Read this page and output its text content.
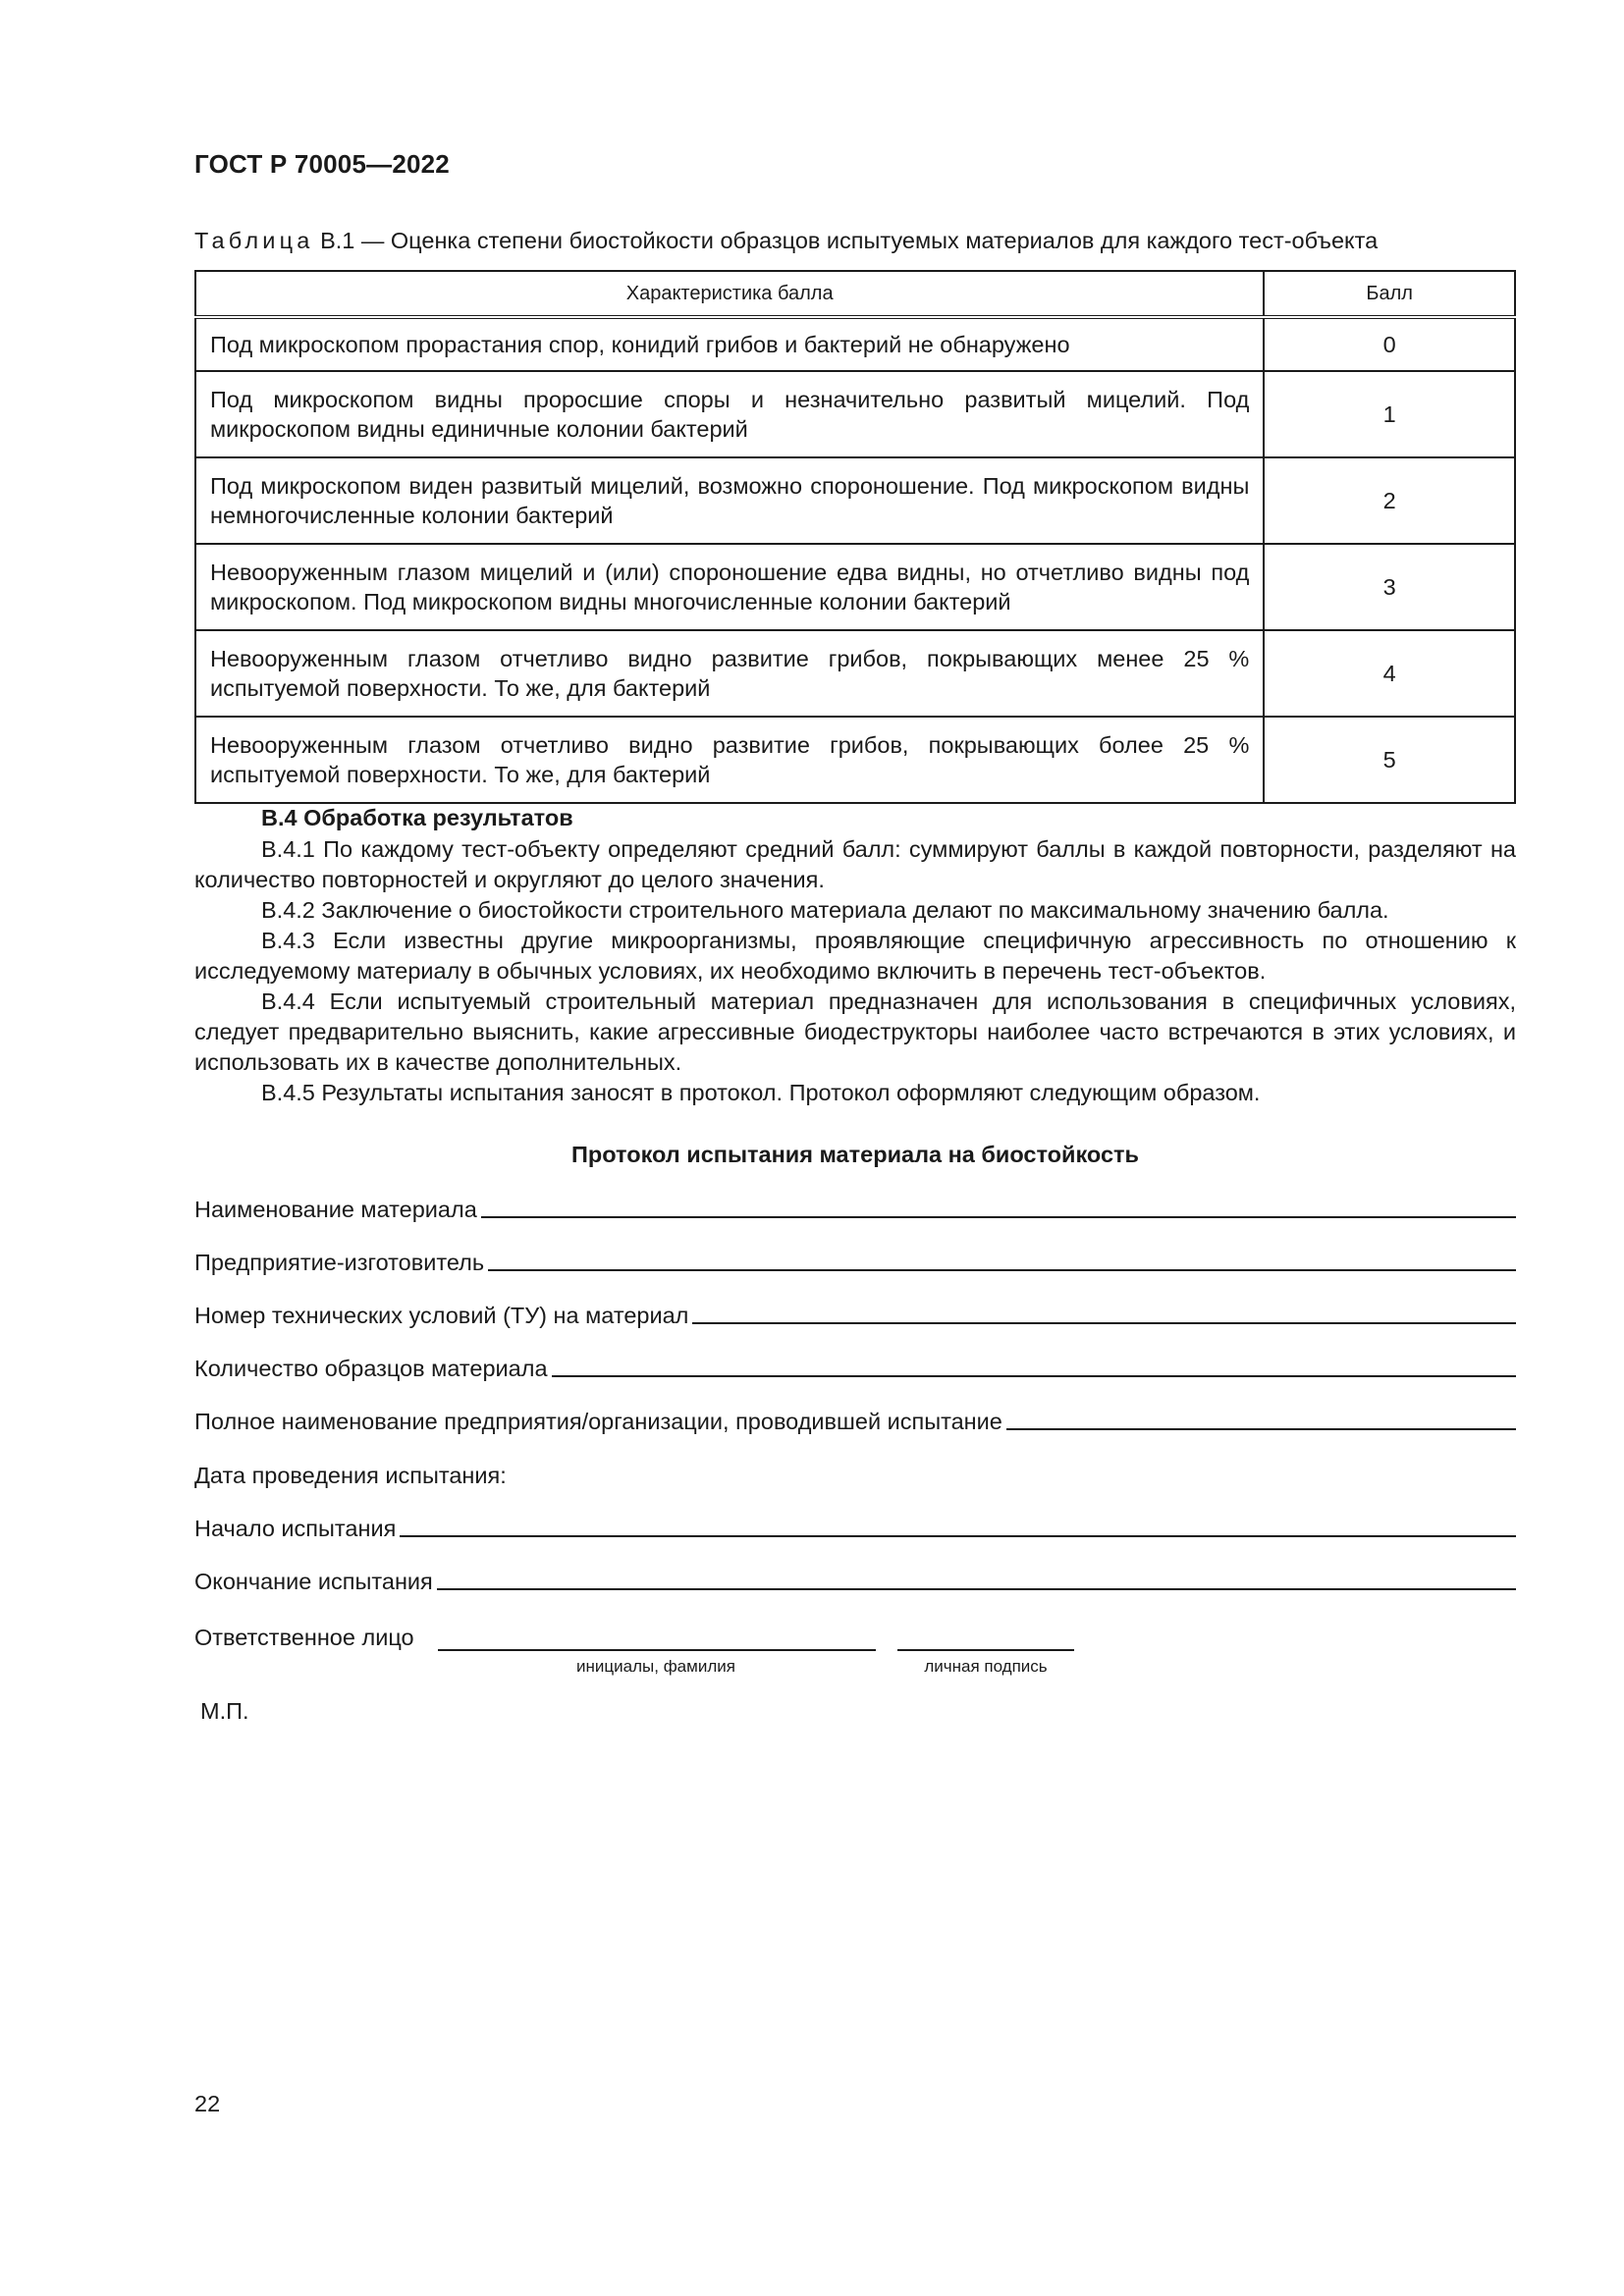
ГОСТ Р 70005—2022
Таблица В.1 — Оценка степени биостойкости образцов испытуемых материалов для каждого тест-объекта
Характеристика балла	Балл
Под микроскопом прорастания спор, конидий грибов и бактерий не обнаружено	0
Под микроскопом видны проросшие споры и незначительно развитый мицелий. Под микроскопом видны единичные колонии бактерий	1
Под микроскопом виден развитый мицелий, возможно спороношение. Под микроскопом видны немногочисленные колонии бактерий	2
Невооруженным глазом мицелий и (или) спороношение едва видны, но отчетливо видны под микроскопом. Под микроскопом видны многочисленные колонии бактерий	3
Невооруженным глазом отчетливо видно развитие грибов, покрывающих менее 25 % испытуемой поверхности. То же, для бактерий	4
Невооруженным глазом отчетливо видно развитие грибов, покрывающих более 25 % испытуемой поверхности. То же, для бактерий	5
В.4 Обработка результатов

В.4.1 По каждому тест-объекту определяют средний балл: суммируют баллы в каждой повторности, разделяют на количество повторностей и округляют до целого значения.

В.4.2 Заключение о биостойкости строительного материала делают по максимальному значению балла.

В.4.3 Если известны другие микроорганизмы, проявляющие специфичную агрессивность по отношению к исследуемому материалу в обычных условиях, их необходимо включить в перечень тест-объектов.

В.4.4 Если испытуемый строительный материал предназначен для использования в специфичных условиях, следует предварительно выяснить, какие агрессивные биодеструкторы наиболее часто встречаются в этих условиях, и использовать их в качестве дополнительных.

В.4.5 Результаты испытания заносят в протокол. Протокол оформляют следующим образом.

Протокол испытания материала на биостойкость
Наименование материала
Предприятие-изготовитель
Номер технических условий (ТУ) на материал
Количество образцов материала
Полное наименование предприятия/организации, проводившей испытание
Дата проведения испытания:
Начало испытания
Окончание испытания
Ответственное лицо
инициалы, фамилия	личная подпись
М.П.
22
